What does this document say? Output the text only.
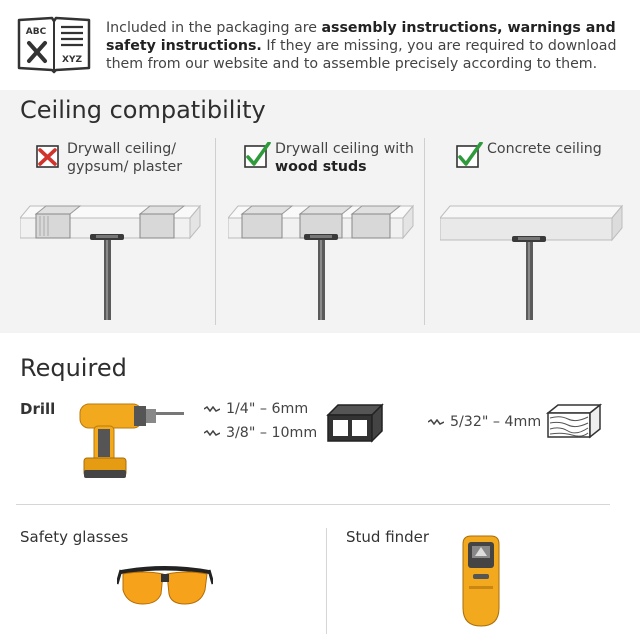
ABC
XYZ
Included in the packaging are assembly instructions, warnings and safety instructions. If they are missing, you are required to download them from our website and to assemble precisely according to them.
Ceiling compatibility
Drywall ceiling/
gypsum/ plaster
Drywall ceiling with
wood studs
Concrete ceiling
Required
Drill	1/4" – 6mm
3/8" – 10mm
5/32" – 4mm
Safety glasses	Stud finder
